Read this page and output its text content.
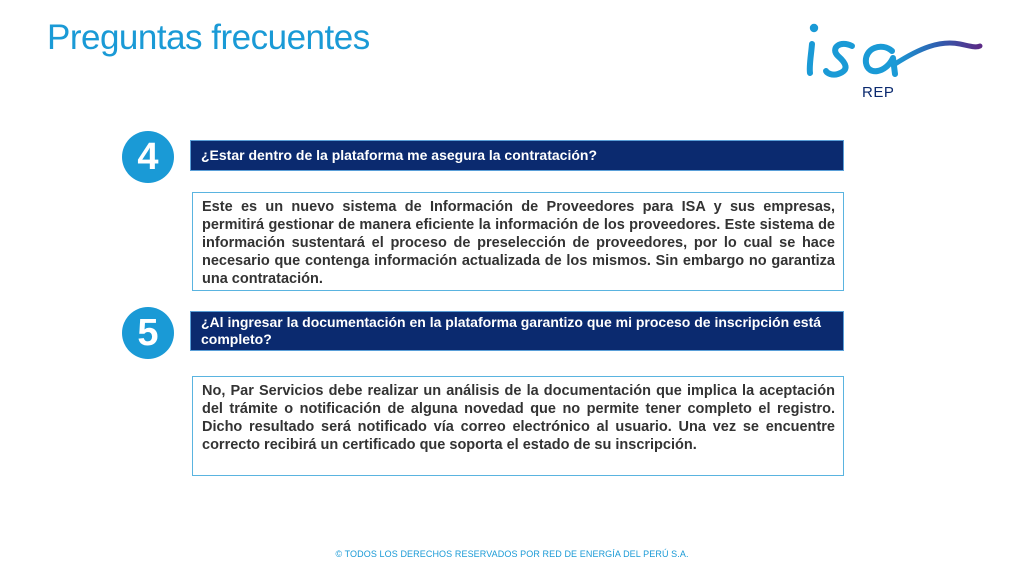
Preguntas frecuentes
REP
4	¿Estar dentro de la plataforma me asegura la contratación?
Este es un nuevo sistema de Información de Proveedores para ISA y sus empresas, permitirá gestionar de manera eficiente la información de los proveedores. Este sistema de información sustentará el proceso de preselección de proveedores, por lo cual se hace necesario que contenga información actualizada de los mismos. Sin embargo no garantiza una contratación.
5	¿Al ingresar la documentación en la plataforma garantizo que mi proceso de inscripción está completo?
No, Par Servicios debe realizar un análisis de la documentación que implica la aceptación del trámite o notificación de alguna novedad que no permite tener completo el registro. Dicho resultado será notificado vía correo electrónico al usuario. Una vez se encuentre correcto recibirá un certificado que soporta el estado de su inscripción.
© TODOS LOS DERECHOS RESERVADOS POR RED DE ENERGÍA DEL PERÚ S.A.
